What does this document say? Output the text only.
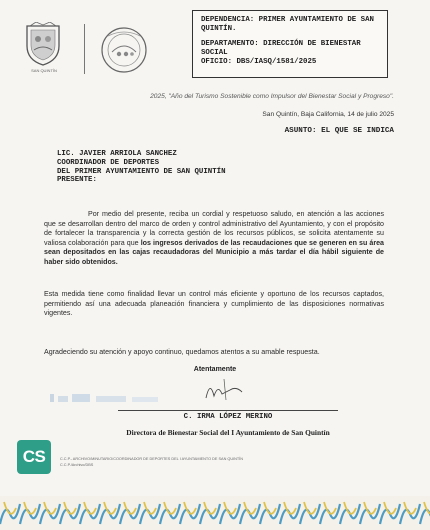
SAN QUINTÍN
DEPENDENCIA: PRIMER AYUNTAMIENTO DE SAN QUINTÍN.
DEPARTAMENTO: DIRECCIÓN DE BIENESTAR SOCIAL
OFICIO: DBS/IASQ/1581/2025
2025, "Año del Turismo Sostenible como Impulsor del Bienestar Social y Progreso".
San Quintín, Baja California, 14 de julio 2025
ASUNTO: EL QUE SE INDICA
LIC. JAVIER ARRIOLA SANCHEZ
COORDINADOR DE DEPORTES
DEL PRIMER AYUNTAMIENTO DE SAN QUINTÍN
PRESENTE:
Por medio del presente, reciba un cordial y respetuoso saludo, en atención a las acciones que se desarrollan dentro del marco de orden y control administrativo del Ayuntamiento, y con el propósito de fortalecer la transparencia y la correcta gestión de los recursos públicos, se solicita atentamente su valiosa colaboración para que los ingresos derivados de las recaudaciones que se generen en su área sean depositados en las cajas recaudadoras del Municipio a más tardar el día hábil siguiente de haber sido obtenidos.
Esta medida tiene como finalidad llevar un control más eficiente y oportuno de los recursos captados, permitiendo así una adecuada planeación financiera y cumplimiento de las disposiciones normativas vigentes.
Agradeciendo su atención y apoyo continuo, quedamos atentos a su amable respuesta.
Atentamente
C. IRMA LÓPEZ MERINO
Directora de Bienestar Social del I Ayuntamiento de San Quintín
CS	C.C.P.- ARCHIVO/MINUTARIO/COORDINADOR DE DEPORTES DEL I AYUNTAMIENTO DE SAN QUINTÍN
C.C.P./Archivo/DBS
